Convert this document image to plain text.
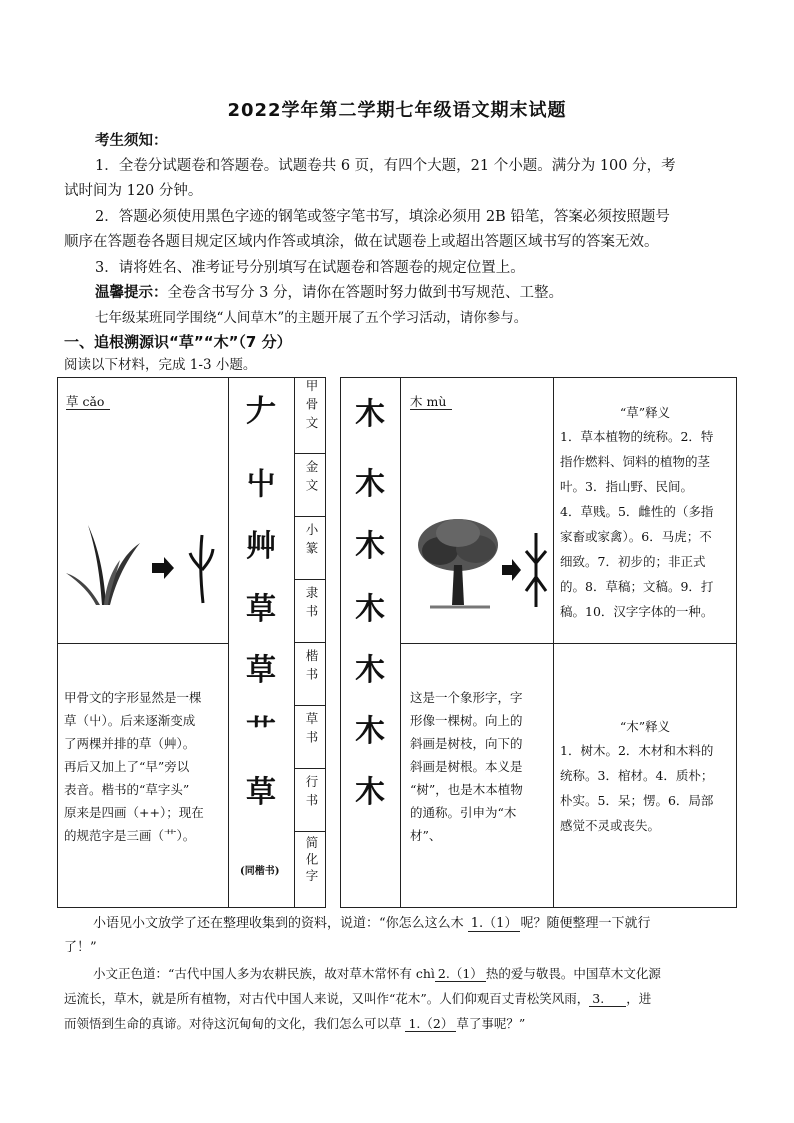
2022学年第二学期七年级语文期末试题
考生须知：
1．全卷分试题卷和答题卷。试题卷共 6 页，有四个大题，21 个小题。满分为 100 分，考
试时间为 120 分钟。
2．答题必须使用黑色字迹的钢笔或签字笔书写，填涂必须用 2B 铅笔，答案必须按照题号
顺序在答题卷各题目规定区域内作答或填涂，做在试题卷上或超出答题区域书写的答案无效。
3．请将姓名、准考证号分别填写在试题卷和答题卷的规定位置上。
温馨提示：全卷含书写分 3 分，请你在答题时努力做到书写规范、工整。
七年级某班同学围绕“人间草木”的主题开展了五个学习活动，请你参与。
一、追根溯源识“草”“木”（7 分）
阅读以下材料，完成 1-3 小题。
草 cǎo
甲骨文的字形显然是一棵
草（屮）。后来逐渐变成
了两棵并排的草（艸）。
再后又加上了“早”旁以
表音。楷书的“草字头”
原来是四画（++）；现在
的规范字是三画（艹）。
𠂇
屮
艸
草
草
艹
草
(同楷书)
甲骨文
金文
小篆
隶书
楷书
草书
行书
简化字
木
木
木
木
木
木
木
木 mù
这是一个象形字，字
形像一棵树。向上的
斜画是树枝，向下的
斜画是树根。本义是
“树”，也是木本植物
的通称。引申为“木
材”、
“草”释义
1．草本植物的统称。2．特
指作燃料、饲料的植物的茎
叶。3．指山野、民间。
4．草贱。5．雌性的（多指
家畜或家禽）。6．马虎；不
细致。7．初步的；非正式
的。8．草稿；文稿。9．打
稿。10．汉字字体的一种。
“木”释义
1．树木。2．木材和木料的
统称。3．棺材。4．质朴；
朴实。5．呆；愣。6．局部
感觉不灵或丧失。
小语见小文放学了还在整理收集到的资料，说道：“你怎么这么木 1.（1） 呢？随便整理一下就行
了！”
小文正色道：“古代中国人多为农耕民族，故对草木常怀有 chì 2.（1） 热的爱与敬畏。中国草木文化源
远流长，草木，就是所有植物，对古代中国人来说，又叫作“花木”。人们仰观百丈青松笑风雨， 3. ，进
而领悟到生命的真谛。对待这沉甸甸的文化，我们怎么可以草 1.（2） 草了事呢？”
